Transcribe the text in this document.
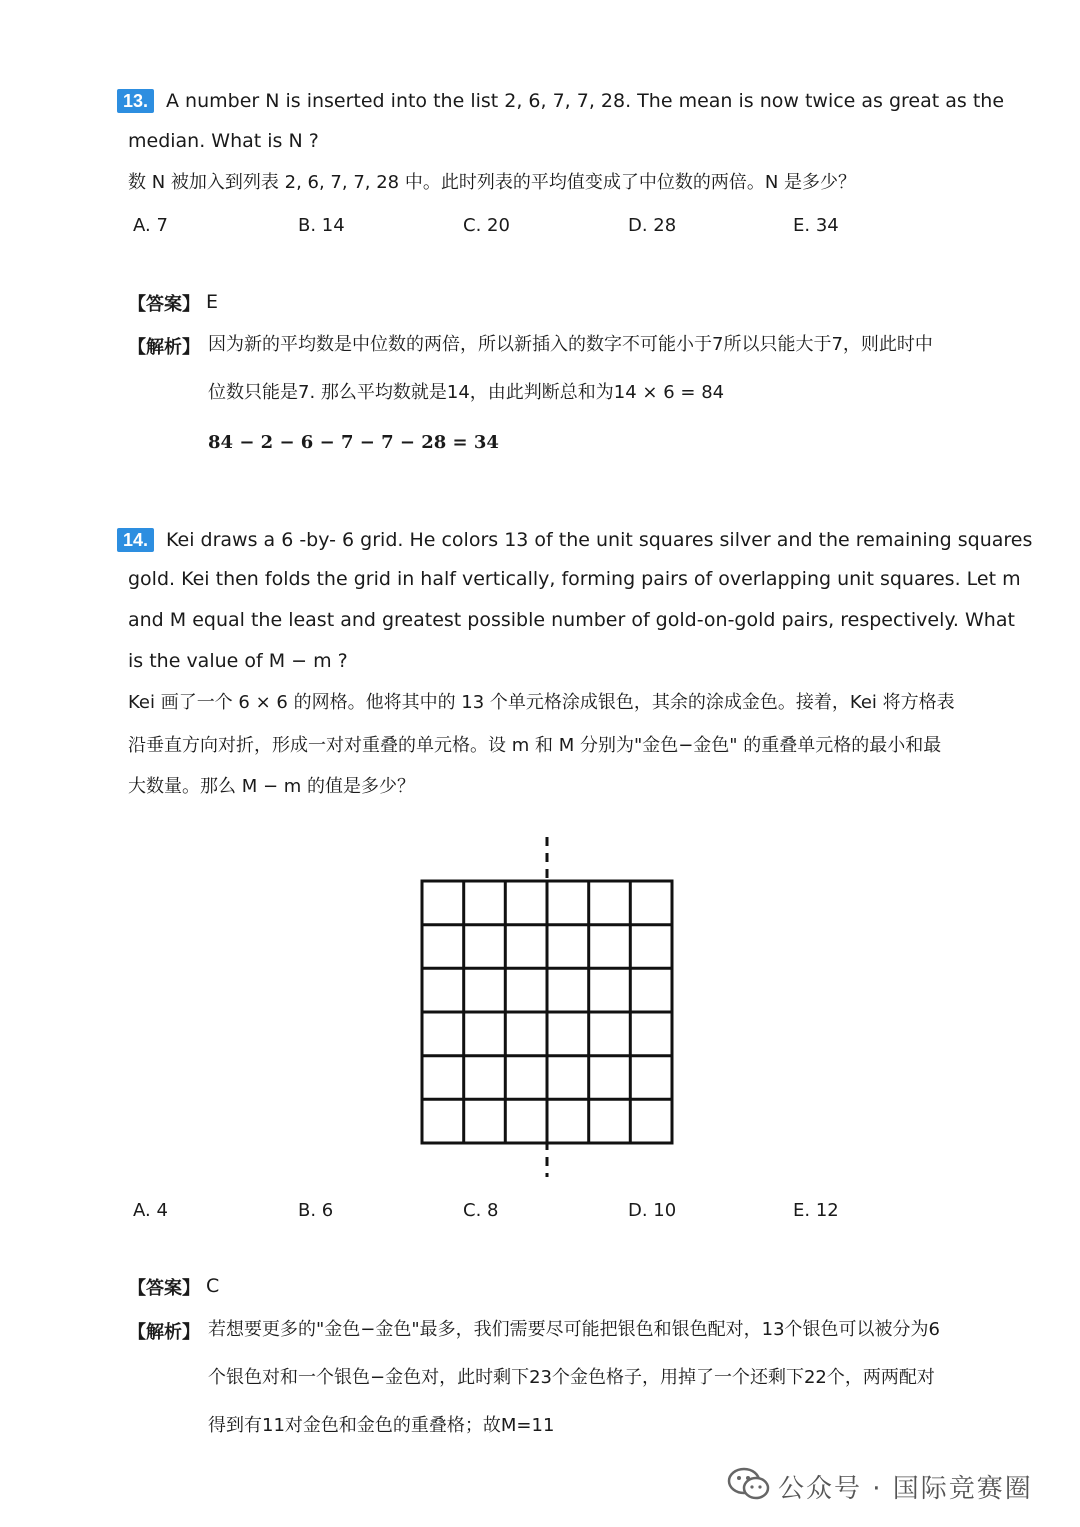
13. A number N is inserted into the list 2, 6, 7, 7, 28. The mean is now twice as great as the
median. What is N ?
数 N 被加入到列表 2, 6, 7, 7, 28 中。此时列表的平均值变成了中位数的两倍。N 是多少？
A. 7	B. 14	C. 20	D. 28	E. 34
【答案】 E
【解析】 因为新的平均数是中位数的两倍，所以新插入的数字不可能小于7所以只能大于7，则此时中
位数只能是7. 那么平均数就是14，由此判断总和为14 × 6 = 84
84 − 2 − 6 − 7 − 7 − 28 = 34
14. Kei draws a 6 -by- 6 grid. He colors 13 of the unit squares silver and the remaining squares
gold. Kei then folds the grid in half vertically, forming pairs of overlapping unit squares. Let m
and M equal the least and greatest possible number of gold-on-gold pairs, respectively. What
is the value of M − m ?
Kei 画了一个 6 × 6 的网格。他将其中的 13 个单元格涂成银色，其余的涂成金色。接着，Kei 将方格表
沿垂直方向对折，形成一对对重叠的单元格。设 m 和 M 分别为"金色−金色" 的重叠单元格的最小和最
大数量。那么 M − m 的值是多少？
A. 4	B. 6	C. 8	D. 10	E. 12
【答案】 C
【解析】 若想要更多的"金色−金色"最多，我们需要尽可能把银色和银色配对，13个银色可以被分为6
个银色对和一个银色−金色对，此时剩下23个金色格子，用掉了一个还剩下22个，两两配对
得到有11对金色和金色的重叠格；故M=11
公众号 · 国际竞赛圈
